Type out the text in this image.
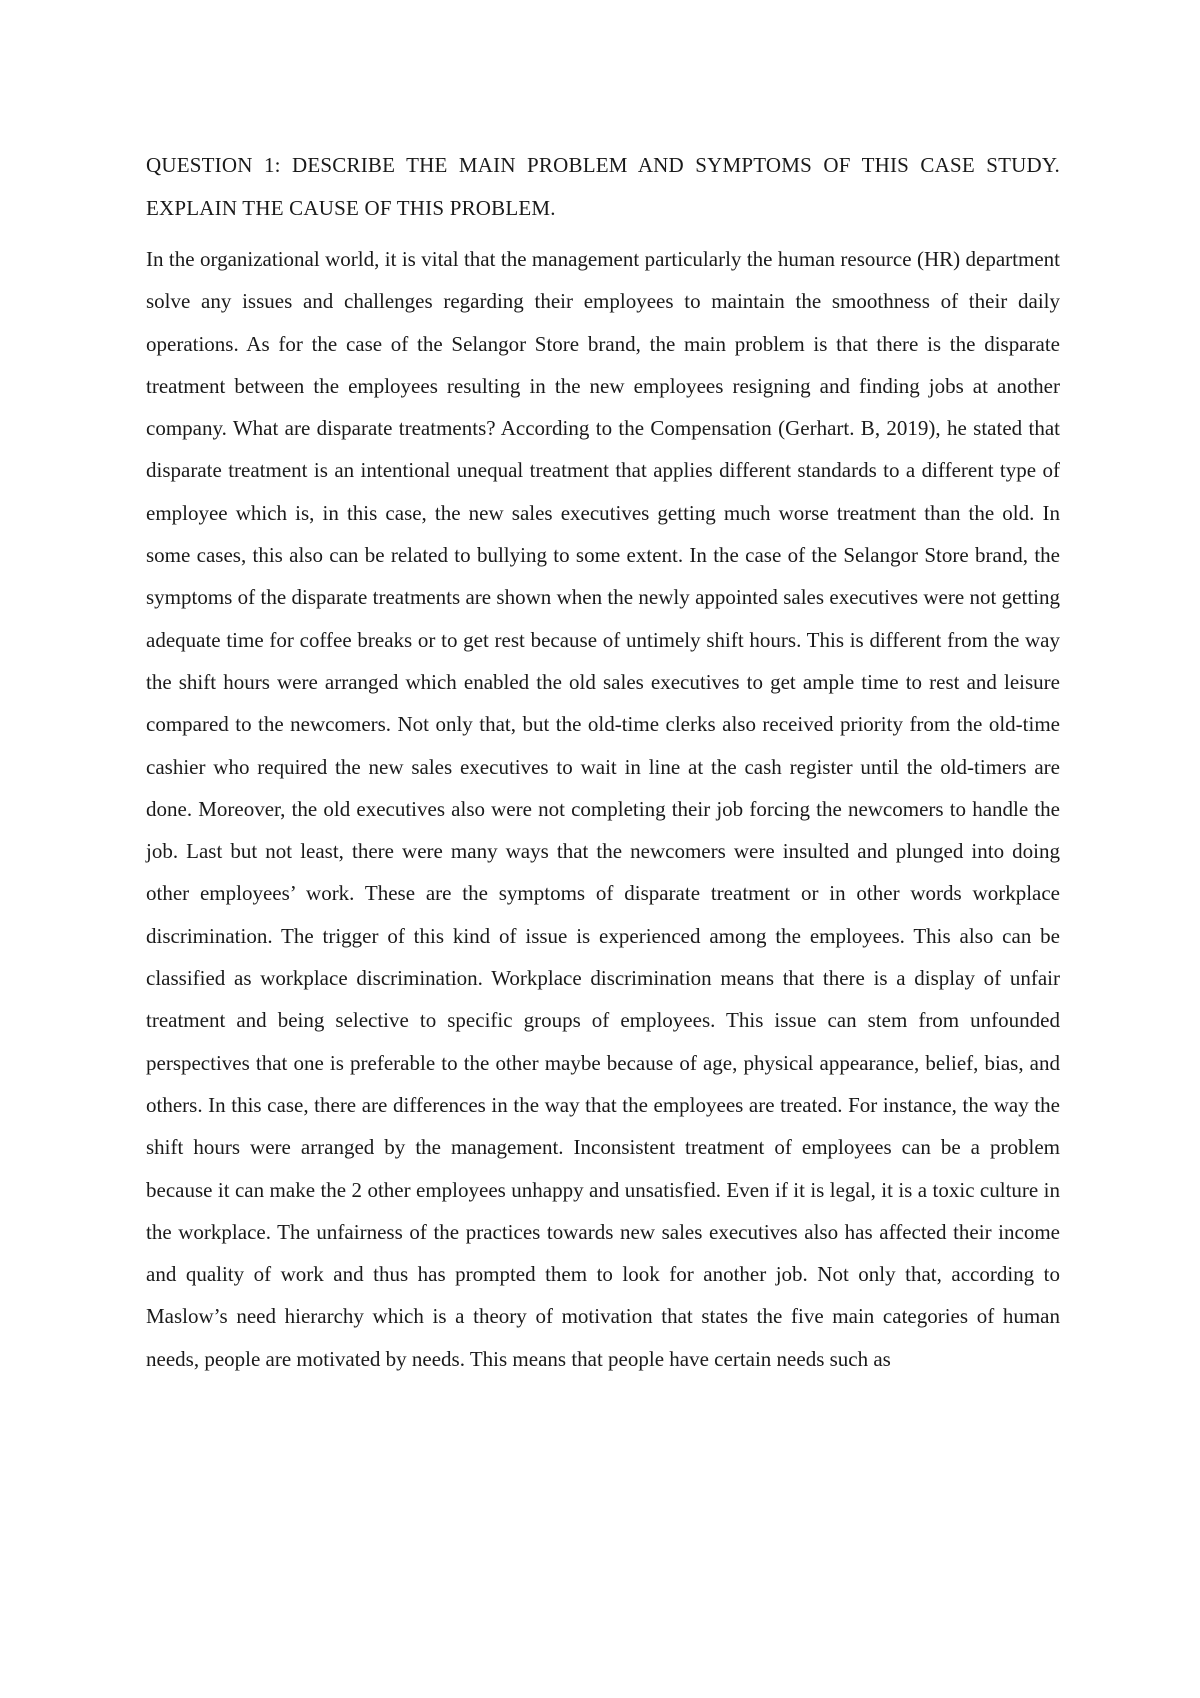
QUESTION 1: DESCRIBE THE MAIN PROBLEM AND SYMPTOMS OF THIS CASE STUDY. EXPLAIN THE CAUSE OF THIS PROBLEM.

In the organizational world, it is vital that the management particularly the human resource (HR) department solve any issues and challenges regarding their employees to maintain the smoothness of their daily operations. As for the case of the Selangor Store brand, the main problem is that there is the disparate treatment between the employees resulting in the new employees resigning and finding jobs at another company. What are disparate treatments? According to the Compensation (Gerhart. B, 2019), he stated that disparate treatment is an intentional unequal treatment that applies different standards to a different type of employee which is, in this case, the new sales executives getting much worse treatment than the old. In some cases, this also can be related to bullying to some extent. In the case of the Selangor Store brand, the symptoms of the disparate treatments are shown when the newly appointed sales executives were not getting adequate time for coffee breaks or to get rest because of untimely shift hours. This is different from the way the shift hours were arranged which enabled the old sales executives to get ample time to rest and leisure compared to the newcomers. Not only that, but the old-time clerks also received priority from the old-time cashier who required the new sales executives to wait in line at the cash register until the old-timers are done. Moreover, the old executives also were not completing their job forcing the newcomers to handle the job. Last but not least, there were many ways that the newcomers were insulted and plunged into doing other employees’ work. These are the symptoms of disparate treatment or in other words workplace discrimination. The trigger of this kind of issue is experienced among the employees. This also can be classified as workplace discrimination. Workplace discrimination means that there is a display of unfair treatment and being selective to specific groups of employees. This issue can stem from unfounded perspectives that one is preferable to the other maybe because of age, physical appearance, belief, bias, and others. In this case, there are differences in the way that the employees are treated. For instance, the way the shift hours were arranged by the management. Inconsistent treatment of employees can be a problem because it can make the 2 other employees unhappy and unsatisfied. Even if it is legal, it is a toxic culture in the workplace. The unfairness of the practices towards new sales executives also has affected their income and quality of work and thus has prompted them to look for another job. Not only that, according to Maslow’s need hierarchy which is a theory of motivation that states the five main categories of human needs, people are motivated by needs. This means that people have certain needs such as
